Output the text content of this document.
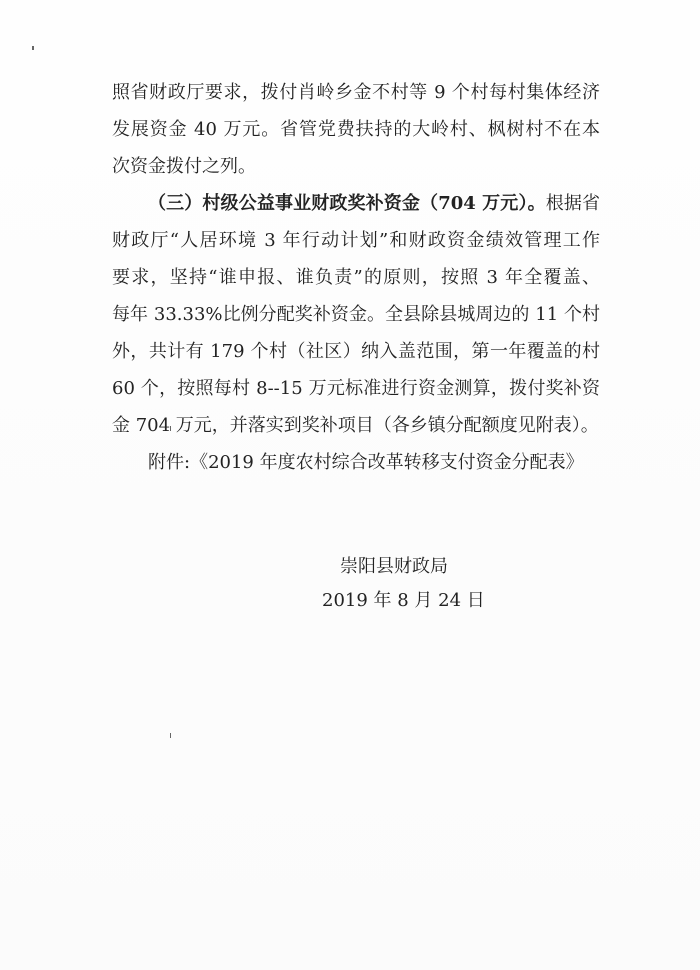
照省财政厅要求，拨付肖岭乡金不村等 9 个村每村集体经济
发展资金 40 万元。省管党费扶持的大岭村、枫树村不在本
次资金拨付之列。

（三）村级公益事业财政奖补资金（704 万元）。根据省
财政厅“人居环境 3 年行动计划”和财政资金绩效管理工作
要求，坚持“谁申报、谁负责”的原则，按照 3 年全覆盖、
每年 33.33%比例分配奖补资金。全县除县城周边的 11 个村
外，共计有 179 个村（社区）纳入盖范围，第一年覆盖的村
60 个，按照每村 8--15 万元标准进行资金测算，拨付奖补资
金 704 万元，并落实到奖补项目（各乡镇分配额度见附表）。

附件:《2019 年度农村综合改革转移支付资金分配表》
崇阳县财政局
2019 年 8 月 24 日
